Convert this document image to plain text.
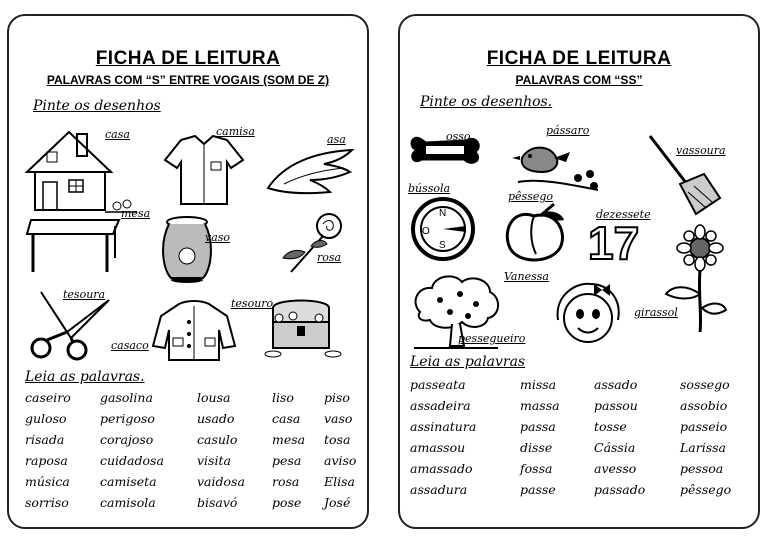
FICHA DE LEITURA
PALAVRAS COM “S” ENTRE VOGAIS (SOM DE Z)
Pinte os desenhos
casa	camisa
asa
mesa
vaso
rosa
tesoura
casaco
tesouro
Leia as palavras.
caseiro	gasolina	lousa	liso	piso
guloso	perigoso	usado	casa	vaso
risada	corajoso	casulo	mesa	tosa
raposa	cuidadosa	visita	pesa	aviso
música	camiseta	vaidosa	rosa	Elisa
sorriso	camisola	bisavó	pose	José
FICHA DE LEITURA
PALAVRAS COM “SS”
Pinte os desenhos.
osso	pássaro
vassoura
bússola
N
O
S
pêssego
dezessete
17
girassol
pessegueiro
Vanessa
Leia as palavras
passeata	missa	assado	sossego
assadeira	massa	passou	assobio
assinatura	passa	tosse	passeio
amassou	disse	Cássia	Larissa
amassado	fossa	avesso	pessoa
assadura	passe	passado	pêssego
